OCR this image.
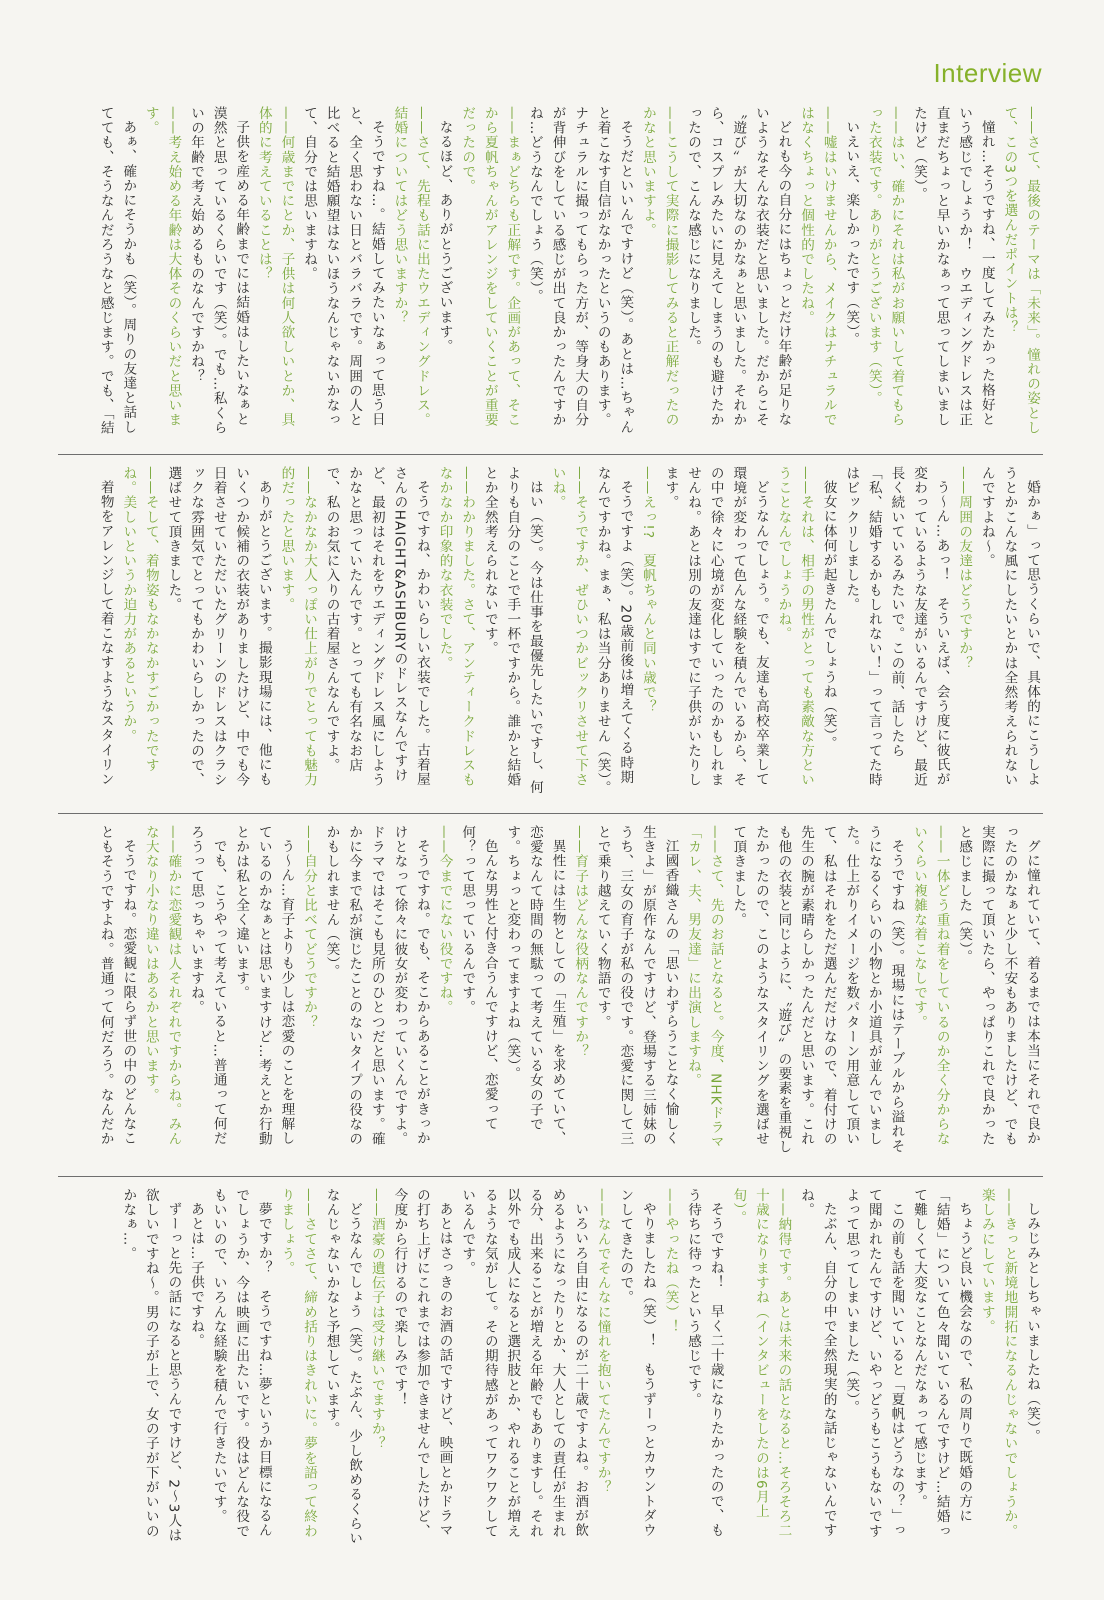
Interview

—— さて、最後のテーマは「未来」。憧れの姿として、この3つを選んだポイントは？

憧れ…そうですね、一度してみたかった格好という感じでしょうか！　ウエディングドレスは正直まだちょっと早いかなぁって思ってしまいましたけど（笑）。

—— はい、確かにそれは私がお願いして着てもらった衣装です。ありがとうございます（笑）。

いえいえ、楽しかったです（笑）。

—— 嘘はいけませんから、メイクはナチュラルではなくちょっと個性的でしたね。

どれも今の自分にはちょっとだけ年齢が足りないようなそんな衣装だと思いました。だからこそ〝遊び〟が大切なのかなぁと思いました。それから、コスプレみたいに見えてしまうのも避けたかったので、こんな感じになりました。

—— こうして実際に撮影してみると正解だったのかなと思いますよ。

そうだといいんですけど（笑）。あとは…ちゃんと着こなす自信がなかったというのもあります。ナチュラルに撮ってもらった方が、等身大の自分が背伸びをしている感じが出て良かったんですかね…どうなんでしょう（笑）。

—— まぁどちらも正解です。企画があって、そこから夏帆ちゃんがアレンジをしていくことが重要だったので。

なるほど、ありがとうございます。

—— さて、先程も話に出たウエディングドレス。結婚についてはどう思いますか？

そうですね…。結婚してみたいなぁって思う日と、全く思わない日とバラバラです。周囲の人と比べると結婚願望はないほうなんじゃないかなって、自分では思いますね。

—— 何歳までにとか、子供は何人欲しいとか、具体的に考えていることは？

子供を産める年齢までには結婚はしたいなぁと漠然と思っているくらいです（笑）。でも…私くらいの年齢で考え始めるものなんですかね？

—— 考え始める年齢は大体そのくらいだと思います。

あぁ、確かにそうかも（笑）。周りの友達と話してても、そうなんだろうなと感じます。でも、「結

婚かぁ」って思うくらいで、具体的にこうしようとかこんな風にしたいとかは全然考えられないんですよね〜。

—— 周囲の友達はどうですか？

う〜ん…あっ！　そういえば、会う度に彼氏が変わっているような友達がいるんですけど、最近長く続いているみたいで。この前、話したら「私、結婚するかもしれない！」って言ってた時はビックリしました。

彼女に体何が起きたんでしょうね（笑）。

—— それは、相手の男性がとっても素敵な方ということなんでしょうかね。

どうなんでしょう。でも、友達も高校卒業して環境が変わって色んな経験を積んでいるから、その中で徐々に心境が変化していったのかもしれませんね。あとは別の友達はすでに子供がいたりします。

—— えっ!?　夏帆ちゃんと同い歳で？

そうですよ（笑）。20歳前後は増えてくる時期なんですかね。まぁ、私は当分ありません（笑）。

—— そうですか、ぜひいつかビックリさせて下さいね。

はい（笑）。今は仕事を最優先したいですし、何よりも自分のことで手一杯ですから。誰かと結婚とか全然考えられないです。

—— わかりました。さて、アンティークドレスもなかなか印象的な衣装でした。

そうですね、かわいらしい衣装でした。古着屋さんのHAIGHT&ASHBURYのドレスなんですけど、最初はそれをウエディングドレス風にしようかなと思っていたんです。とっても有名なお店で、私のお気に入りの古着屋さんなんですよ。

—— なかなか大人っぽい仕上がりでとっても魅力的だったと思います。

ありがとうございます。撮影現場には、他にもいくつか候補の衣装がありましたけど、中でも今日着させていただいたグリーンのドレスはクラシックな雰囲気でとってもかわいらしかったので、選ばせて頂きました。

—— そして、着物姿もなかなかすごかったですね。美しいというか迫力があるというか。

着物をアレンジして着こなすようなスタイリン

グに憧れていて、着るまでは本当にそれで良かったのかなぁと少し不安もありましたけど、でも実際に撮って頂いたら、やっぱりこれで良かったと感じました（笑）。

—— 一体どう重ね着をしているのか全く分からないくらい複雑な着こなしです。

そうですね（笑）。現場にはテーブルから溢れそうになるくらいの小物とか小道具が並んでいました。仕上がりイメージを数パターン用意して頂いて、私はそれをただ選んだだけなので、着付けの先生の腕が素晴らしかったんだと思います。これも他の衣装と同じように、〝遊び〟の要素を重視したかったので、このようなスタイリングを選ばせて頂きました。

—— さて、先のお話となると。今度、NHKドラマ「カレ、夫、男友達」に出演しますね。

江國香織さんの「思いわずらうことなく愉しく生きよ」が原作なんですけど、登場する三姉妹のうち、三女の育子が私の役です。恋愛に関して三とで乗り越えていく物語です。

—— 育子はどんな役柄なんですか？

異性には生物としての「生殖」を求めていて、恋愛なんて時間の無駄って考えている女の子です。ちょっと変わってますよね（笑）。

色んな男性と付き合うんですけど、恋愛って何？って思っているんです。

—— 今までにない役ですね。

そうですね。でも、そこからあることがきっかけとなって徐々に彼女が変わっていくんですよ。ドラマではそこも見所のひとつだと思います。確かに今まで私が演じたことのないタイプの役なのかもしれません（笑）。

—— 自分と比べてどうですか？

う〜ん…育子よりも少しは恋愛のことを理解しているのかなぁとは思いますけど…考えとか行動とかは私と全く違います。

でも、こうやって考えていると…普通って何だろうって思っちゃいますね。

—— 確かに恋愛観は人それぞれですからね。みんな大なり小なり違いはあるかと思います。

そうですね。恋愛観に限らず世の中のどんなこともそうですよね。普通って何だろう。なんだか

しみじみとしちゃいましたね（笑）。

—— きっと新境地開拓になるんじゃないでしょうか。楽しみにしています。

ちょうど良い機会なので、私の周りで既婚の方に「結婚」について色々聞いているんですけど…結婚って難しくて大変なことなんだなぁって感じます。

この前も話を聞いていると「夏帆はどうなの？」って聞かれたんですけど、いやっどうもこうもないですよって思ってしまいました（笑）。

たぶん、自分の中で全然現実的な話じゃないんですね。

—— 納得です。あとは未来の話となると…そろそろ二十歳になりますね（インタビューをしたのは6月上旬）。

そうですね！　早く二十歳になりたかったので、もう待ちに待ったという感じです。

—— やったね（笑）！

やりましたね（笑）！　もうずーっとカウントダウンしてきたので。

—— なんでそんなに憧れを抱いてたんですか？

いろいろ自由になるのが二十歳ですよね。お酒が飲めるようになったりとか、大人としての責任が生まれる分、出来ることが増える年齢でもありますし。それ以外でも成人になると選択肢とか、やれることが増えるような気がして。その期待感があってワクワクしているんです。

あとはさっきのお酒の話ですけど、映画とかドラマの打ち上げにこれまでは参加できませんでしたけど、今度から行けるので楽しみです！

—— 酒豪の遺伝子は受け継いでますか？

どうなんでしょう（笑）。たぶん、少し飲めるくらいなんじゃないかなと予想しています。

—— さてさて、締め括りはきれいに。夢を語って終わりましょう。

夢ですか？　そうですね…夢というか目標になるんでしょうか、今は映画に出たいです。役はどんな役でもいいので、いろんな経験を積んで行きたいです。

あとは…子供ですね。

ずーっと先の話になると思うんですけど、2〜3人は欲しいですね〜。男の子が上で、女の子が下がいいのかなぁ…。
